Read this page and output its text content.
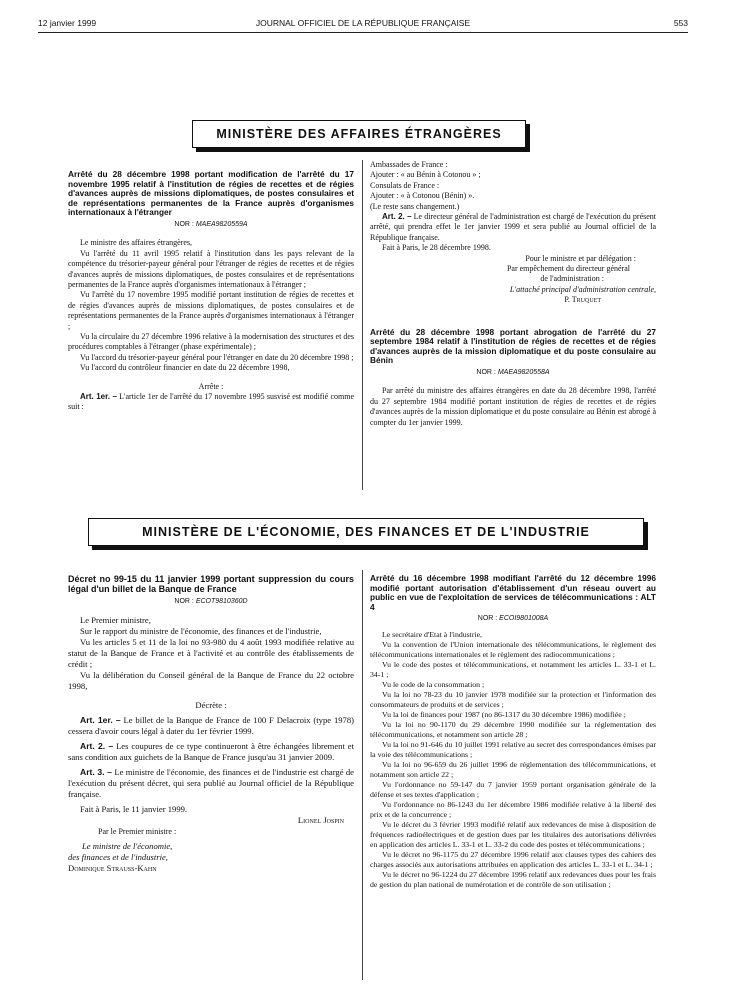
12 janvier 1999	JOURNAL OFFICIEL DE LA RÉPUBLIQUE FRANÇAISE	553
MINISTÈRE DES AFFAIRES ÉTRANGÈRES

Arrêté du 28 décembre 1998 portant modification de l'arrêté du 17 novembre 1995 relatif à l'institution de régies de recettes et de régies d'avances auprès de missions diplomatiques, de postes consulaires et de représentations permanentes de la France auprès d'organismes internationaux à l'étranger

NOR : MAEA9820559A

Le ministre des affaires étrangères,

Vu l'arrêté du 11 avril 1995 relatif à l'institution dans les pays relevant de la compétence du trésorier-payeur général pour l'étranger de régies de recettes et de régies d'avances auprès de missions diplomatiques, de postes consulaires et de représentations permanentes de la France auprès d'organismes internationaux à l'étranger ;

Vu l'arrêté du 17 novembre 1995 modifié portant institution de régies de recettes et de régies d'avances auprès de missions diplomatiques, de postes consulaires et de représentations permanentes de la France auprès d'organismes internationaux à l'étranger ;

Vu la circulaire du 27 décembre 1996 relative à la modernisation des structures et des procédures comptables à l'étranger (phase expérimentale) ;

Vu l'accord du trésorier-payeur général pour l'étranger en date du 20 décembre 1998 ;

Vu l'accord du contrôleur financier en date du 22 décembre 1998,

Arrête :

Art. 1er. – L'article 1er de l'arrêté du 17 novembre 1995 susvisé est modifié comme suit :

Ambassades de France :

Ajouter : « au Bénin à Cotonou » ;

Consulats de France :

Ajouter : « à Cotonou (Bénin) ».

(Le reste sans changement.)

Art. 2. – Le directeur général de l'administration est chargé de l'exécution du présent arrêté, qui prendra effet le 1er janvier 1999 et sera publié au Journal officiel de la République française.

Fait à Paris, le 28 décembre 1998.

Pour le ministre et par délégation :

Par empêchement du directeur général

de l'administration :

L'attaché principal d'administration centrale,

P. Truquet

Arrêté du 28 décembre 1998 portant abrogation de l'arrêté du 27 septembre 1984 relatif à l'institution de régies de recettes et de régies d'avances auprès de la mission diplomatique et du poste consulaire au Bénin

NOR : MAEA9820558A

Par arrêté du ministre des affaires étrangères en date du 28 décembre 1998, l'arrêté du 27 septembre 1984 modifié portant institution de régies de recettes et de régies d'avances auprès de la mission diplomatique et du poste consulaire au Bénin est abrogé à compter du 1er janvier 1999.

MINISTÈRE DE L'ÉCONOMIE, DES FINANCES ET DE L'INDUSTRIE

Décret no 99-15 du 11 janvier 1999 portant suppression du cours légal d'un billet de la Banque de France

NOR : ECOT9810360D

Le Premier ministre,

Sur le rapport du ministre de l'économie, des finances et de l'industrie,

Vu les articles 5 et 11 de la loi no 93-980 du 4 août 1993 modifiée relative au statut de la Banque de France et à l'activité et au contrôle des établissements de crédit ;

Vu la délibération du Conseil général de la Banque de France du 22 octobre 1998,

Décrète :

Art. 1er. – Le billet de la Banque de France de 100 F Delacroix (type 1978) cessera d'avoir cours légal à dater du 1er février 1999.

Art. 2. – Les coupures de ce type continueront à être échangées librement et sans condition aux guichets de la Banque de France jusqu'au 31 janvier 2009.

Art. 3. – Le ministre de l'économie, des finances et de l'industrie est chargé de l'exécution du présent décret, qui sera publié au Journal officiel de la République française.

Fait à Paris, le 11 janvier 1999.

Lionel Jospin

Par le Premier ministre :

Le ministre de l'économie,

des finances et de l'industrie,

Dominique Strauss-Kahn

Arrêté du 16 décembre 1998 modifiant l'arrêté du 12 décembre 1996 modifié portant autorisation d'établissement d'un réseau ouvert au public en vue de l'exploitation de services de télécommunications : ALT 4

NOR : ECOI9801008A

Le secrétaire d'Etat à l'industrie,

Vu la convention de l'Union internationale des télécommunications, le règlement des télécommunications internationales et le règlement des radiocommunications ;

Vu le code des postes et télécommunications, et notamment les articles L. 33-1 et L. 34-1 ;

Vu le code de la consommation ;

Vu la loi no 78-23 du 10 janvier 1978 modifiée sur la protection et l'information des consommateurs de produits et de services ;

Vu la loi de finances pour 1987 (no 86-1317 du 30 décembre 1986) modifiée ;

Vu la loi no 90-1170 du 29 décembre 1990 modifiée sur la réglementation des télécommunications, et notamment son article 28 ;

Vu la loi no 91-646 du 10 juillet 1991 relative au secret des correspondances émises par la voie des télécommunications ;

Vu la loi no 96-659 du 26 juillet 1996 de réglementation des télécommunications, et notamment son article 22 ;

Vu l'ordonnance no 59-147 du 7 janvier 1959 portant organisation générale de la défense et ses textes d'application ;

Vu l'ordonnance no 86-1243 du 1er décembre 1986 modifiée relative à la liberté des prix et de la concurrence ;

Vu le décret du 3 février 1993 modifié relatif aux redevances de mise à disposition de fréquences radioélectriques et de gestion dues par les titulaires des autorisations délivrées en application des articles L. 33-1 et L. 33-2 du code des postes et télécommunications ;

Vu le décret no 96-1175 du 27 décembre 1996 relatif aux clauses types des cahiers des charges associés aux autorisations attribuées en application des articles L. 33-1 et L. 34-1 ;

Vu le décret no 96-1224 du 27 décembre 1996 relatif aux redevances dues pour les frais de gestion du plan national de numérotation et de contrôle de son utilisation ;
